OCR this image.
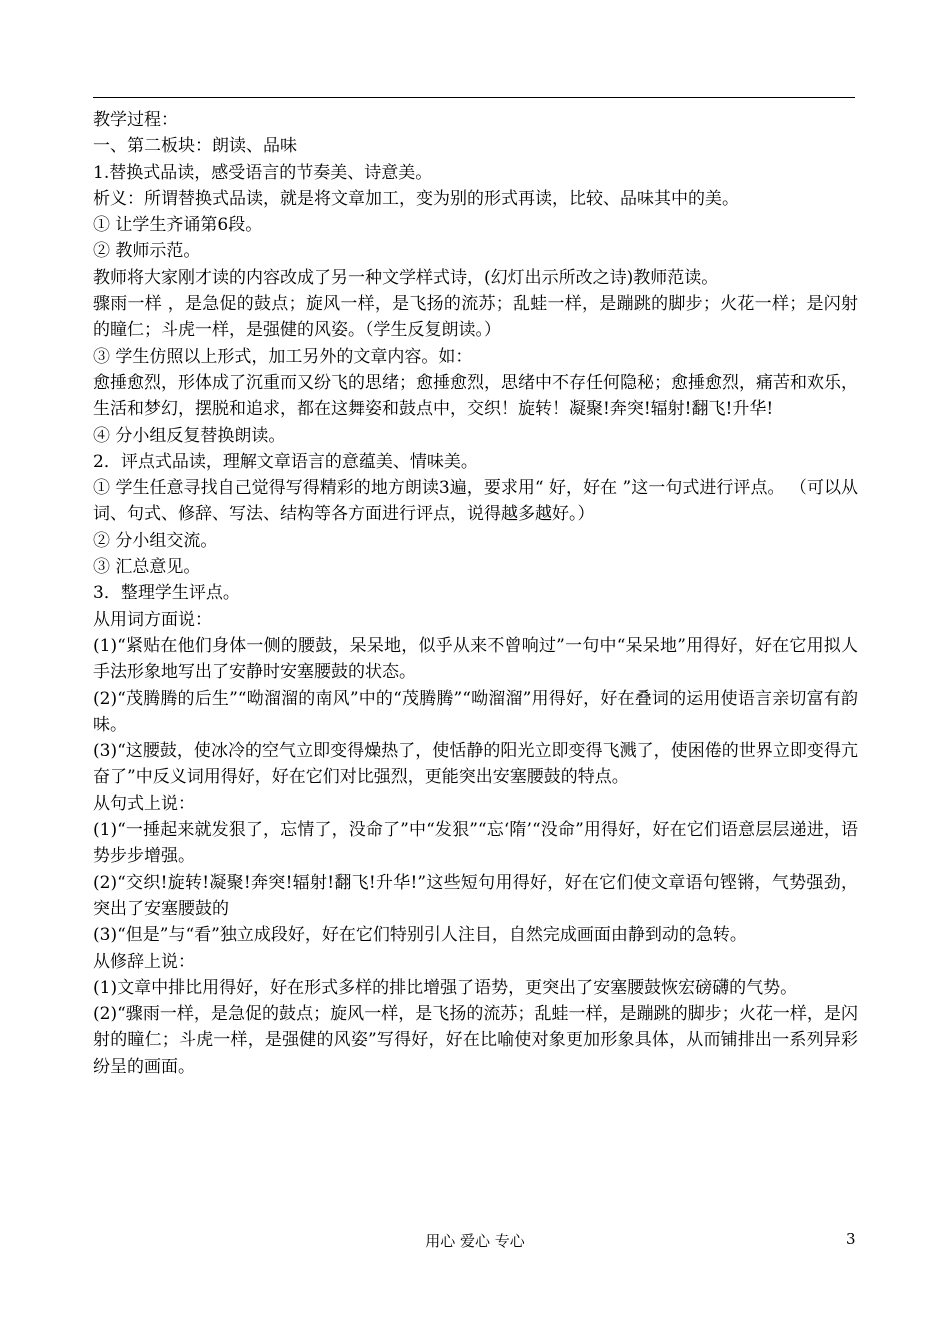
教学过程：

一、第二板块：朗读、品味

1.替换式品读，感受语言的节奏美、诗意美。

析义：所谓替换式品读，就是将文章加工，变为别的形式再读，比较、品味其中的美。

① 让学生齐诵第6段。

② 教师示范。

教师将大家刚才读的内容改成了另一种文学样式诗，(幻灯出示所改之诗)教师范读。

骤雨一样 ，是急促的鼓点；旋风一样，是飞扬的流苏；乱蛙一样，是蹦跳的脚步；火花一样；是闪射的瞳仁；斗虎一样，是强健的风姿。（学生反复朗读。）

③ 学生仿照以上形式，加工另外的文章内容。如：

愈捶愈烈，形体成了沉重而又纷飞的思绪；愈捶愈烈，思绪中不存任何隐秘；愈捶愈烈，痛苦和欢乐，生活和梦幻，摆脱和追求，都在这舞姿和鼓点中，交织！旋转！凝聚!奔突!辐射!翻飞!升华!

④ 分小组反复替换朗读。

2．评点式品读，理解文章语言的意蕴美、情味美。

① 学生任意寻找自己觉得写得精彩的地方朗读3遍，要求用“ 好，好在 ”这一句式进行评点。 （可以从词、句式、修辞、写法、结构等各方面进行评点，说得越多越好。）

② 分小组交流。

③ 汇总意见。

3．整理学生评点。

从用词方面说：

(1)“紧贴在他们身体一侧的腰鼓，呆呆地，似乎从来不曾响过”一句中“呆呆地”用得好，好在它用拟人手法形象地写出了安静时安塞腰鼓的状态。

(2)“茂腾腾的后生”“呦溜溜的南风”中的“茂腾腾”“呦溜溜”用得好，好在叠词的运用使语言亲切富有韵味。

(3)“这腰鼓，使冰冷的空气立即变得燥热了，使恬静的阳光立即变得飞溅了，使困倦的世界立即变得亢奋了”中反义词用得好，好在它们对比强烈，更能突出安塞腰鼓的特点。

从句式上说：

(1)“一捶起来就发狠了，忘情了，没命了”中“发狠”“忘‘隋’“没命”用得好，好在它们语意层层递进，语势步步增强。

(2)“交织!旋转!凝聚!奔突!辐射!翻飞!升华!”这些短句用得好，好在它们使文章语句铿锵，气势强劲，突出了安塞腰鼓的

(3)“但是”与“看”独立成段好，好在它们特别引人注目，自然完成画面由静到动的急转。

从修辞上说：

(1)文章中排比用得好，好在形式多样的排比增强了语势，更突出了安塞腰鼓恢宏磅礴的气势。

(2)“骤雨一样，是急促的鼓点；旋风一样，是飞扬的流苏；乱蛙一样，是蹦跳的脚步；火花一样，是闪射的瞳仁；斗虎一样，是强健的风姿”写得好，好在比喻使对象更加形象具体，从而铺排出一系列异彩纷呈的画面。

用心 爱心 专心	3
